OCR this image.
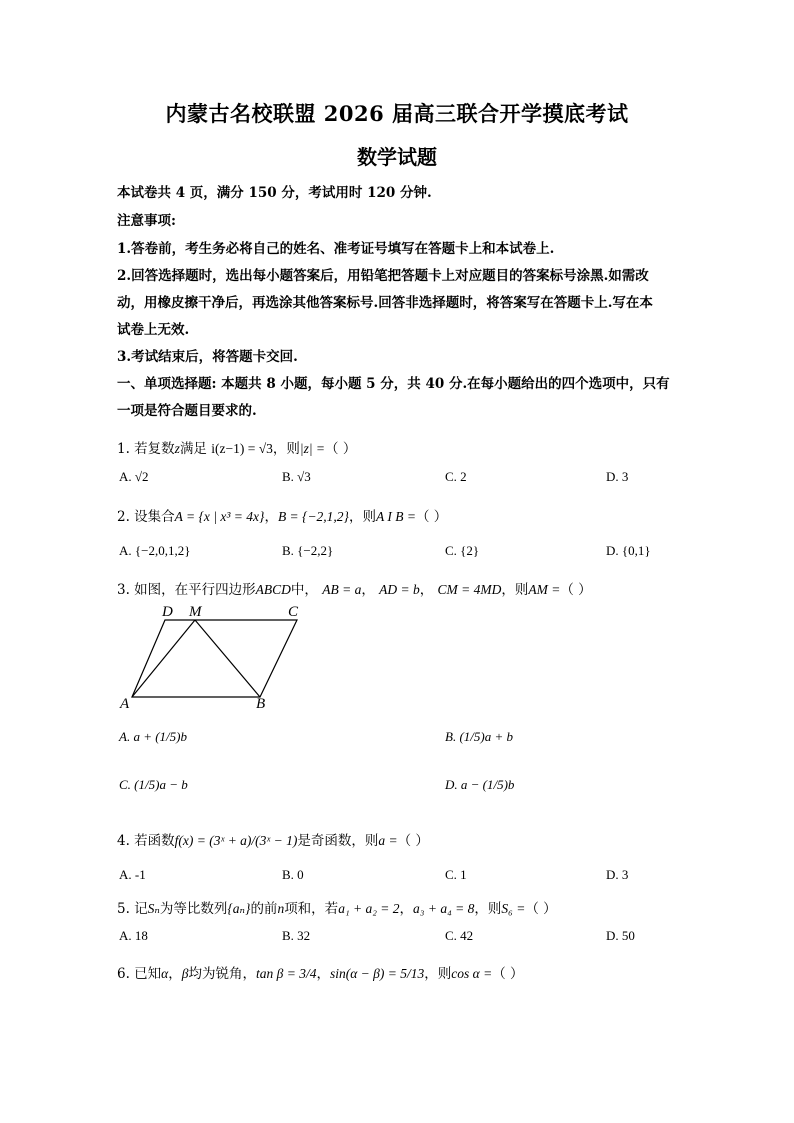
内蒙古名校联盟 2026 届高三联合开学摸底考试
数学试题
本试卷共 4 页，满分 150 分，考试用时 120 分钟.
注意事项:
1.答卷前，考生务必将自己的姓名、准考证号填写在答题卡上和本试卷上.
2.回答选择题时，选出每小题答案后，用铅笔把答题卡上对应题目的答案标号涂黑.如需改
动，用橡皮擦干净后，再选涂其他答案标号.回答非选择题时，将答案写在答题卡上.写在本
试卷上无效.
3.考试结束后，将答题卡交回.
一、单项选择题: 本题共 8 小题，每小题 5 分，共 40 分.在每小题给出的四个选项中，只有
一项是符合题目要求的.
1. 若复数z满足 i(z−1) = √3，则|z| =（ ）
A. √2	B. √3	C. 2	D. 3
2. 设集合A = {x | x³ = 4x}，B = {−2,1,2}，则A I B =（ ）
A. {−2,0,1,2}	B. {−2,2}	C. {2}	D. {0,1}
3. 如图，在平行四边形ABCD中， AB = a， AD = b， CM = 4MD，则AM =（ ）
D M	C
A	B
A. a + (1/5)b	B. (1/5)a + b
C. (1/5)a − b	D. a − (1/5)b
4. 若函数f(x) = (3ˣ + a)/(3ˣ − 1)是奇函数，则a =（ ）
A. -1	B. 0	C. 1	D. 3
5. 记Sₙ为等比数列{aₙ}的前n项和，若a₁ + a₂ = 2，a₃ + a₄ = 8，则S₆ =（ ）
A. 18	B. 32	C. 42	D. 50
6. 已知α，β均为锐角，tan β = 3/4，sin(α − β) = 5/13，则cos α =（ ）
